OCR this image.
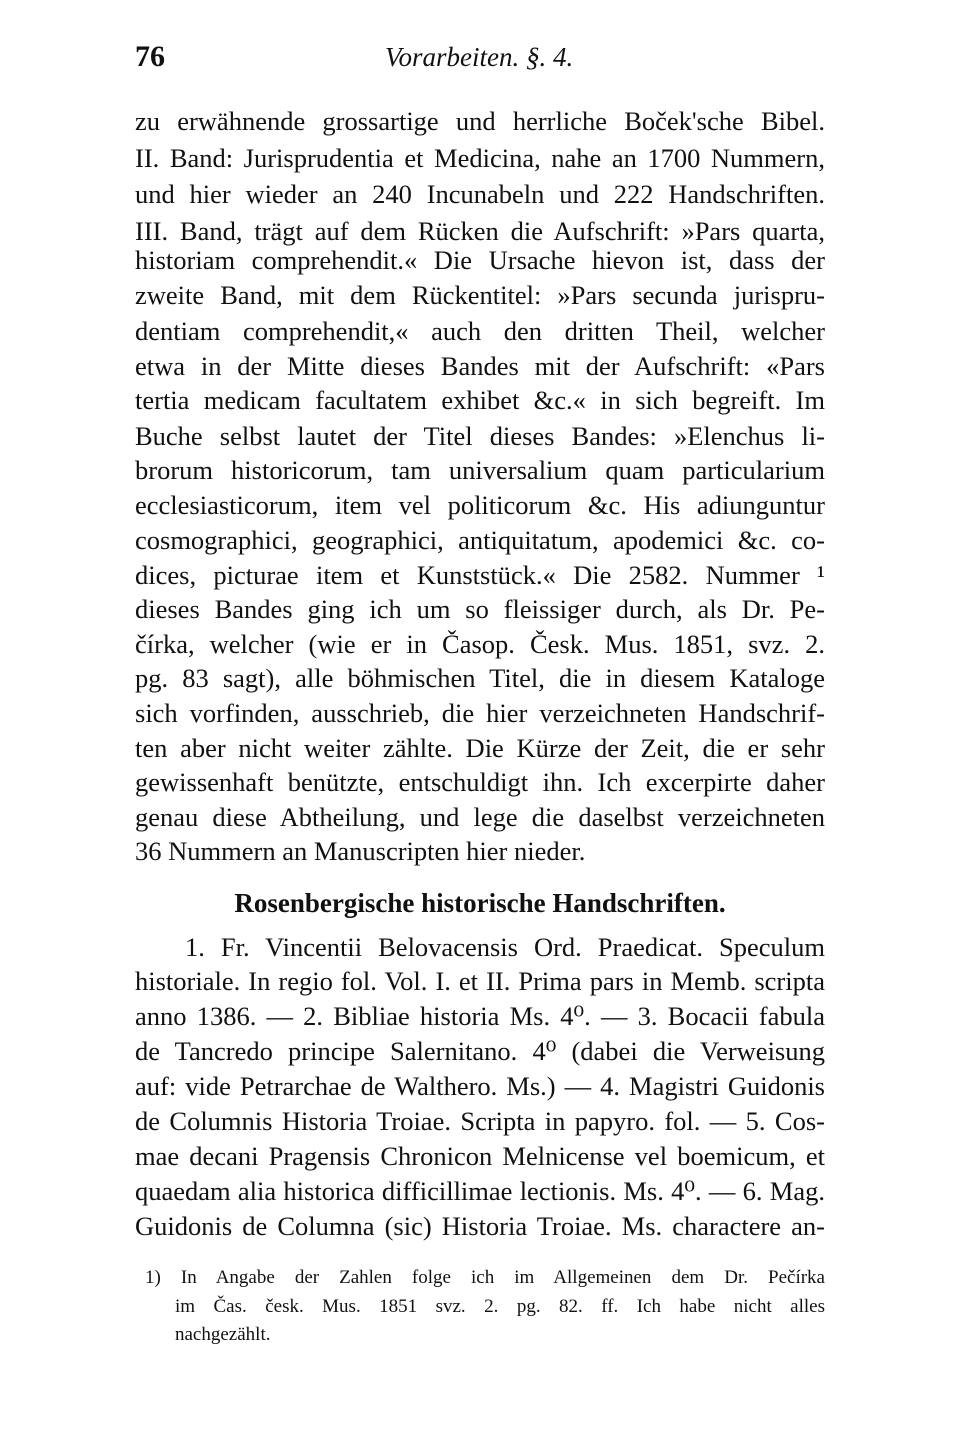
76	Vorarbeiten. §. 4.
zu erwähnende grossartige und herrliche Boček'sche Bibel.
II. Band: Jurisprudentia et Medicina, nahe an 1700 Nummern,
und hier wieder an 240 Incunabeln und 222 Handschriften.
III. Band, trägt auf dem Rücken die Aufschrift: »Pars quarta,
historiam comprehendit.« Die Ursache hievon ist, dass der
zweite Band, mit dem Rückentitel: »Pars secunda jurispru-
dentiam comprehendit,« auch den dritten Theil, welcher
etwa in der Mitte dieses Bandes mit der Aufschrift: «Pars
tertia medicam facultatem exhibet &c.« in sich begreift. Im
Buche selbst lautet der Titel dieses Bandes: »Elenchus li-
brorum historicorum, tam universalium quam particularium
ecclesiasticorum, item vel politicorum &c. His adiunguntur
cosmographici, geographici, antiquitatum, apodemici &c. co-
dices, picturae item et Kunststück.« Die 2582. Nummer ¹
dieses Bandes ging ich um so fleissiger durch, als Dr. Pe-
čírka, welcher (wie er in Časop. Česk. Mus. 1851, svz. 2.
pg. 83 sagt), alle böhmischen Titel, die in diesem Kataloge
sich vorfinden, ausschrieb, die hier verzeichneten Handschrif-
ten aber nicht weiter zählte. Die Kürze der Zeit, die er sehr
gewissenhaft benützte, entschuldigt ihn. Ich excerpirte daher
genau diese Abtheilung, und lege die daselbst verzeichneten
36 Nummern an Manuscripten hier nieder.
Rosenbergische historische Handschriften.
1. Fr. Vincentii Belovacensis Ord. Praedicat. Speculum
historiale. In regio fol. Vol. I. et II. Prima pars in Memb. scripta
anno 1386. — 2. Bibliae historia Ms. 4⁰. — 3. Bocacii fabula
de Tancredo principe Salernitano. 4⁰ (dabei die Verweisung
auf: vide Petrarchae de Walthero. Ms.) — 4. Magistri Guidonis
de Columnis Historia Troiae. Scripta in papyro. fol. — 5. Cos-
mae decani Pragensis Chronicon Melnicense vel boemicum, et
quaedam alia historica difficillimae lectionis. Ms. 4⁰. — 6. Mag.
Guidonis de Columna (sic) Historia Troiae. Ms. charactere an-
1) In Angabe der Zahlen folge ich im Allgemeinen dem Dr. Pečírka
im Čas. česk. Mus. 1851 svz. 2. pg. 82. ff. Ich habe nicht alles
nachgezählt.
